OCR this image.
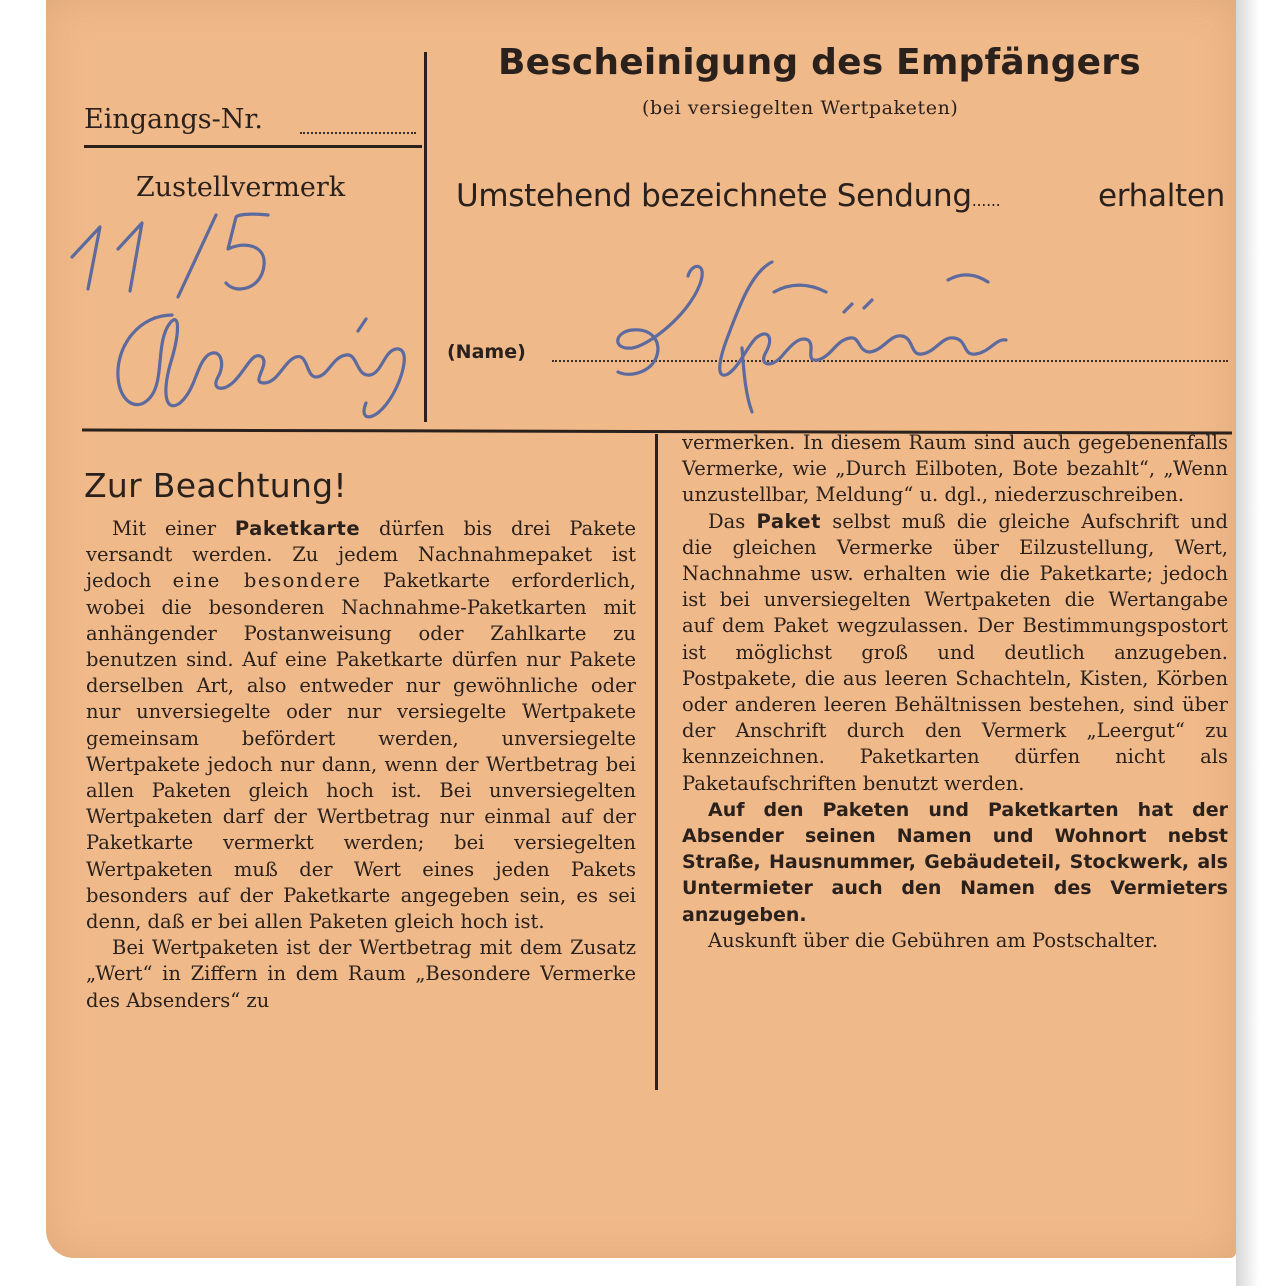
Bescheinigung des Empfängers
(bei versiegelten Wertpaketen)
Eingangs-Nr.
Zustellvermerk	Umstehend bezeichnete Sendung......	erhalten
(Name)
Zur Beachtung!

Mit einer Paketkarte dürfen bis drei Pakete versandt werden. Zu jedem Nachnahmepaket ist jedoch eine besondere Paketkarte erforderlich, wobei die besonderen Nachnahme-Paketkarten mit anhängender Postanweisung oder Zahlkarte zu benutzen sind. Auf eine Paketkarte dürfen nur Pakete derselben Art, also entweder nur gewöhnliche oder nur unversiegelte oder nur versiegelte Wertpakete gemeinsam befördert werden, unversiegelte Wertpakete jedoch nur dann, wenn der Wertbetrag bei allen Paketen gleich hoch ist. Bei unversiegelten Wertpaketen darf der Wertbetrag nur einmal auf der Paketkarte vermerkt werden; bei versiegelten Wertpaketen muß der Wert eines jeden Pakets besonders auf der Paketkarte angegeben sein, es sei denn, daß er bei allen Paketen gleich hoch ist.

Bei Wertpaketen ist der Wertbetrag mit dem Zusatz „Wert“ in Ziffern in dem Raum „Besondere Vermerke des Absenders“ zu

vermerken. In diesem Raum sind auch gegebenenfalls Vermerke, wie „Durch Eilboten, Bote bezahlt“, „Wenn unzustellbar, Meldung“ u. dgl., niederzuschreiben.

Das Paket selbst muß die gleiche Aufschrift und die gleichen Vermerke über Eilzustellung, Wert, Nachnahme usw. erhalten wie die Paketkarte; jedoch ist bei unversiegelten Wertpaketen die Wertangabe auf dem Paket wegzulassen. Der Bestimmungspostort ist möglichst groß und deutlich anzugeben. Postpakete, die aus leeren Schachteln, Kisten, Körben oder anderen leeren Behältnissen bestehen, sind über der Anschrift durch den Vermerk „Leergut“ zu kennzeichnen. Paketkarten dürfen nicht als Paketaufschriften benutzt werden.

Auf den Paketen und Paketkarten hat der Absender seinen Namen und Wohnort nebst Straße, Hausnummer, Gebäudeteil, Stockwerk, als Untermieter auch den Namen des Vermieters anzugeben.

Auskunft über die Gebühren am Postschalter.
